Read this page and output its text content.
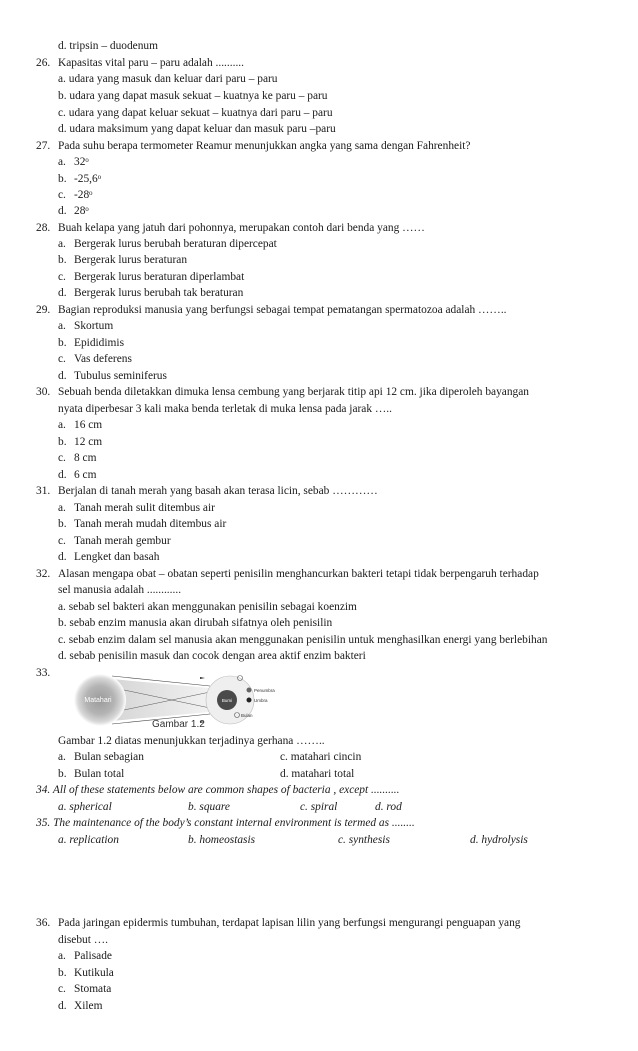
d. tripsin – duodenum
26. Kapasitas vital paru – paru adalah ..........
a. udara yang masuk dan keluar dari paru – paru
b. udara yang dapat masuk sekuat – kuatnya ke paru – paru
c. udara yang dapat keluar sekuat – kuatnya dari paru – paru
d. udara maksimum yang dapat keluar dan masuk paru –paru
27. Pada suhu berapa termometer Reamur menunjukkan angka yang sama dengan Fahrenheit?
a. 32ᵒ
b. -25,6ᵒ
c. -28ᵒ
d. 28ᵒ
28. Buah kelapa yang jatuh dari pohonnya, merupakan contoh dari benda yang ……
a. Bergerak lurus berubah beraturan dipercepat
b. Bergerak lurus beraturan
c. Bergerak lurus beraturan diperlambat
d. Bergerak lurus berubah tak beraturan
29. Bagian reproduksi manusia yang berfungsi sebagai tempat pematangan spermatozoa adalah ……..
a. Skortum
b. Epididimis
c. Vas deferens
d. Tubulus seminiferus
30. Sebuah benda diletakkan dimuka lensa cembung yang berjarak titip api 12 cm. jika diperoleh bayangan
nyata diperbesar 3 kali maka benda terletak di muka lensa pada jarak …..
a. 16 cm
b. 12 cm
c. 8 cm
d. 6 cm
31. Berjalan di tanah merah yang basah akan terasa licin, sebab …………
a. Tanah merah sulit ditembus air
b. Tanah merah mudah ditembus air
c. Tanah merah gembur
d. Lengket dan basah
32. Alasan mengapa obat – obatan seperti penisilin menghancurkan bakteri tetapi tidak berpengaruh terhadap
sel manusia adalah ............
a. sebab sel bakteri akan menggunakan penisilin sebagai koenzim
b. sebab enzim manusia akan dirubah sifatnya oleh penisilin
c. sebab enzim dalam sel manusia akan menggunakan penisilin untuk menghasilkan energi yang berlebihan
d. sebab penisilin masuk dan cocok dengan area aktif enzim bakteri
33.
Matahari	Bumi
Penumbra
Umbra
Bulan
Gambar 1.2
Gambar 1.2 diatas menunjukkan terjadinya gerhana ……..
a. Bulan sebagian	c. matahari cincin
b. Bulan total	d. matahari total
34. All of these statements below are common shapes of bacteria , except ..........
a. spherical	b. square	c. spiral	d. rod
35. The maintenance of the body’s constant internal environment is termed as ........
a. replication	b. homeostasis	c. synthesis	d. hydrolysis
36. Pada jaringan epidermis tumbuhan, terdapat lapisan lilin yang berfungsi mengurangi penguapan yang
disebut ….
a. Palisade
b. Kutikula
c. Stomata
d. Xilem
